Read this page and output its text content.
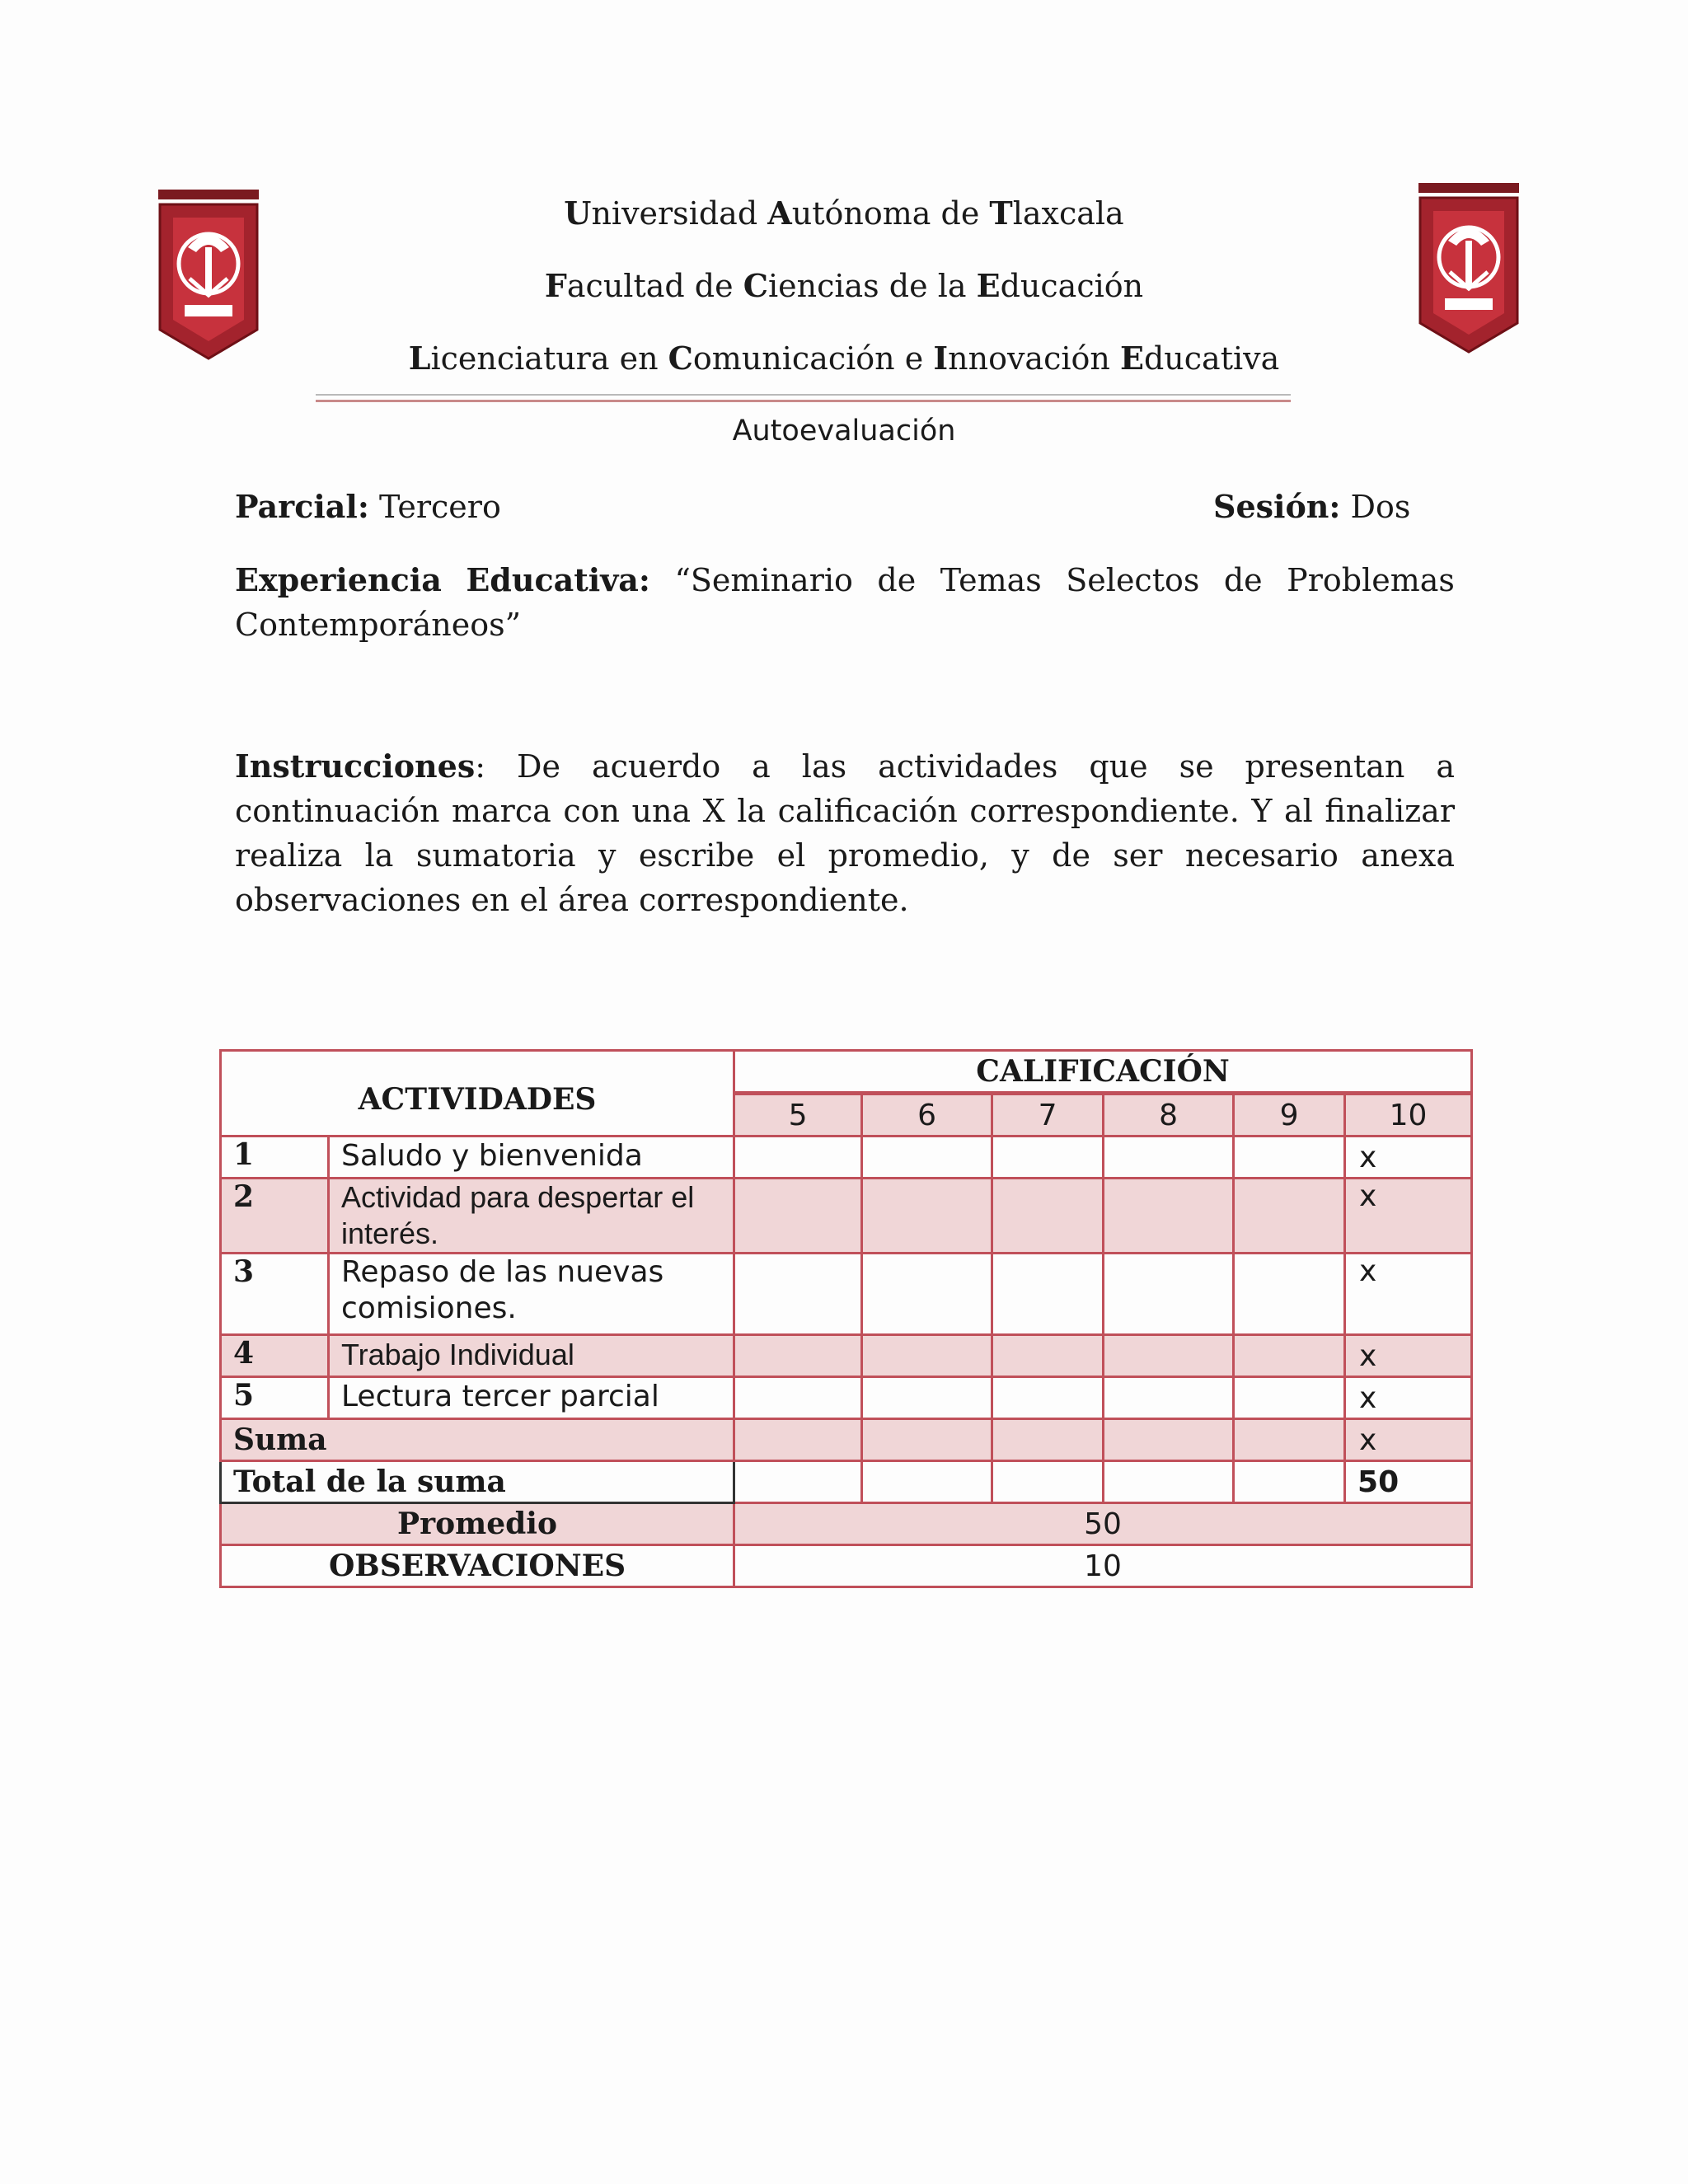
Universidad Autónoma de Tlaxcala
Facultad de Ciencias de la Educación
Licenciatura en Comunicación e Innovación Educativa
Autoevaluación
Parcial: Tercero	Sesión: Dos
Experiencia Educativa: “Seminario de Temas Selectos de Problemas
Contemporáneos”
Instrucciones: De acuerdo a las actividades que se presentan a continuación marca con una X la calificación correspondiente. Y al finalizar realiza la sumatoria y escribe el promedio, y de ser necesario anexa observaciones en el área correspondiente.
ACTIVIDADES		CALIFICACIÓN					
		5	6	7	8	9	10
1	Saludo y bienvenida						x
2	Actividad para despertar el interés.						x
3	Repaso de las nuevas comisiones.						x
4	Trabajo Individual						x
5	Lectura tercer parcial						x
Suma							x
Total de la suma							50
Promedio		50					
OBSERVACIONES		10					
